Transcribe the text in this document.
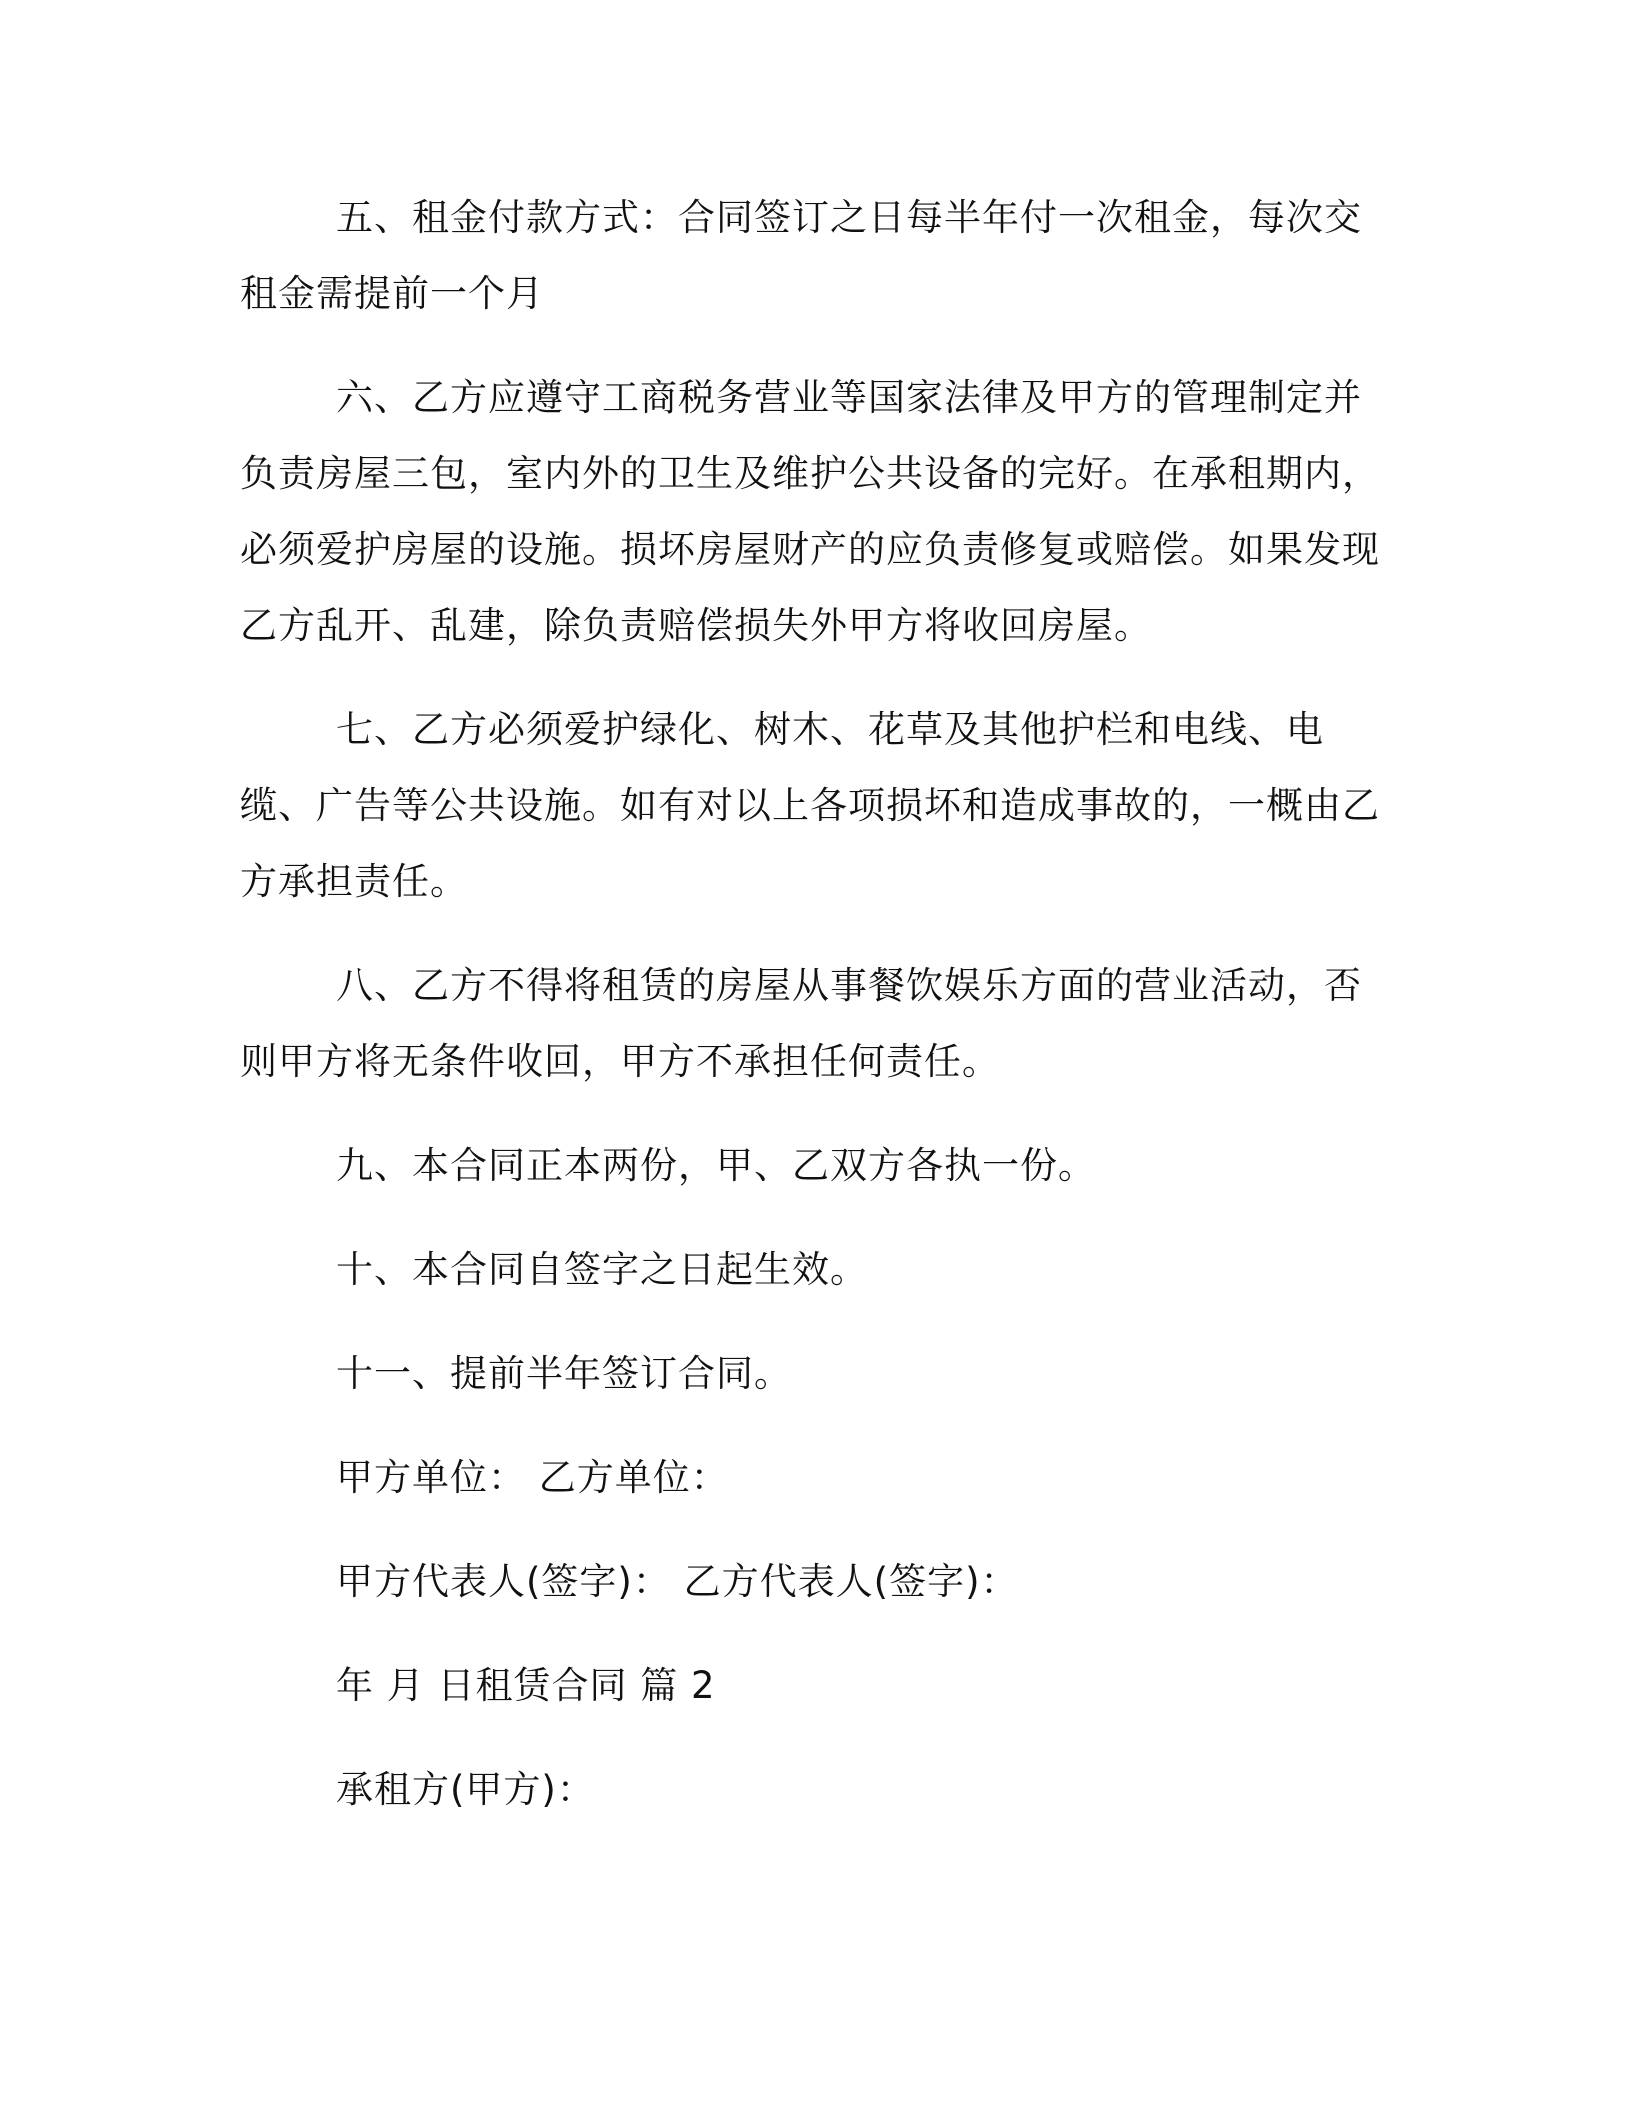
五、租金付款方式：合同签订之日每半年付一次租金，每次交租金需提前一个月

六、乙方应遵守工商税务营业等国家法律及甲方的管理制定并负责房屋三包，室内外的卫生及维护公共设备的完好。在承租期内，必须爱护房屋的设施。损坏房屋财产的应负责修复或赔偿。如果发现乙方乱开、乱建，除负责赔偿损失外甲方将收回房屋。

七、乙方必须爱护绿化、树木、花草及其他护栏和电线、电缆、广告等公共设施。如有对以上各项损坏和造成事故的，一概由乙方承担责任。

八、乙方不得将租赁的房屋从事餐饮娱乐方面的营业活动，否则甲方将无条件收回，甲方不承担任何责任。

九、本合同正本两份，甲、乙双方各执一份。

十、本合同自签字之日起生效。

十一、提前半年签订合同。

甲方单位： 乙方单位：

甲方代表人(签字)： 乙方代表人(签字)：

年 月 日租赁合同 篇 2

承租方(甲方)：
